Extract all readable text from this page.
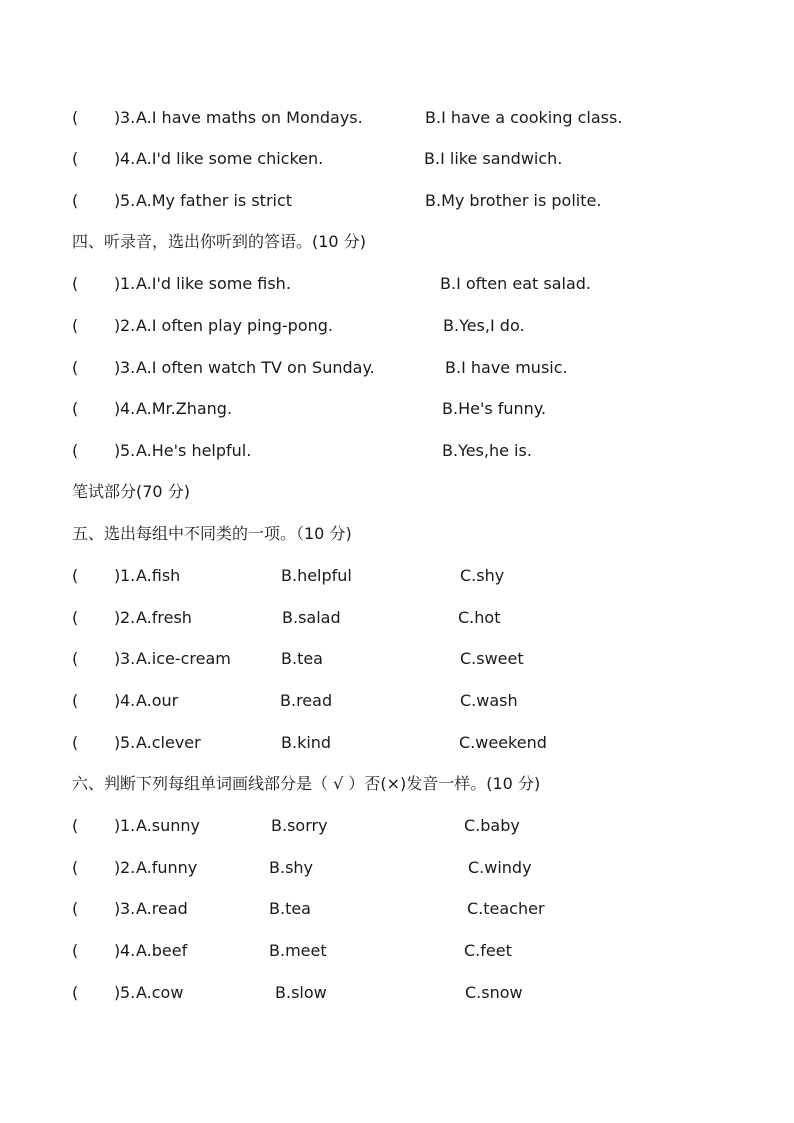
( ) 3. A.I have maths on Mondays.	B.I have a cooking class.
( ) 4. A.I'd like some chicken.	B.I like sandwich.
( ) 5. A.My father is strict	B.My brother is polite.
四、听录音，选出你听到的答语。(10 分)
( ) 1. A.I'd like some fish.	B.I often eat salad.
( ) 2. A.I often play ping-pong.	B.Yes,I do.
( ) 3. A.I often watch TV on Sunday.	B.I have music.
( ) 4. A.Mr.Zhang.	B.He's funny.
( ) 5. A.He's helpful.	B.Yes,he is.
笔试部分(70 分)
五、选出每组中不同类的一项。（10 分)
( ) 1. A.fish	B.helpful	C.shy
( ) 2. A.fresh	B.salad	C.hot
( ) 3. A.ice-cream	B.tea	C.sweet
( ) 4. A.our	B.read	C.wash
( ) 5. A.clever	B.kind	C.weekend
六、判断下列每组单词画线部分是（ √ ）否(×)发音一样。(10 分)
( ) 1. A.sunny	B.sorry	C.baby
( ) 2. A.funny	B.shy	C.windy
( ) 3. A.read	B.tea	C.teacher
( ) 4. A.beef	B.meet	C.feet
( ) 5. A.cow	B.slow	C.snow
